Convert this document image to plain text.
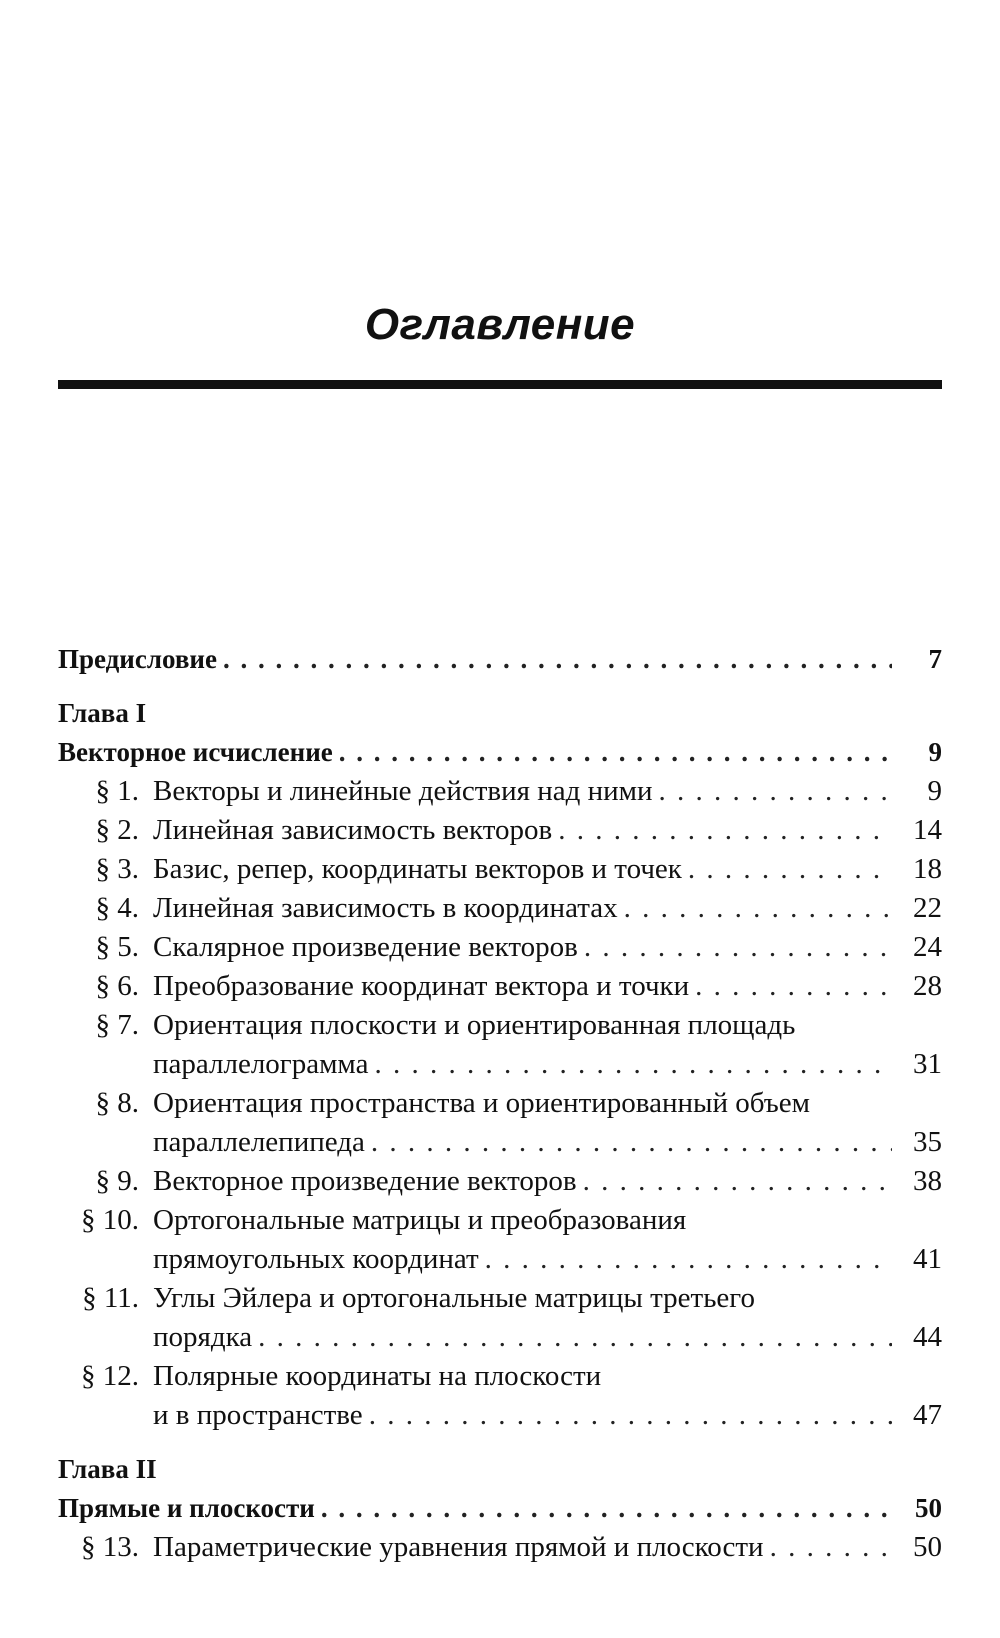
Оглавление
Предисловие . . .	7
Глава I
Векторное исчисление . . .	9
§ 1. Векторы и линейные действия над ними . . .	9
§ 2. Линейная зависимость векторов . . .	14
§ 3. Базис, репер, координаты векторов и точек . . .	18
§ 4. Линейная зависимость в координатах . . .	22
§ 5. Скалярное произведение векторов . . .	24
§ 6. Преобразование координат вектора и точки . . .	28
§ 7. Ориентация плоскости и ориентированная площадь
параллелограмма . . .	31
§ 8. Ориентация пространства и ориентированный объем
параллелепипеда . . .	35
§ 9. Векторное произведение векторов . . .	38
§ 10. Ортогональные матрицы и преобразования
прямоугольных координат . . .	41
§ 11. Углы Эйлера и ортогональные матрицы третьего
порядка . . .	44
§ 12. Полярные координаты на плоскости
и в пространстве . . .	47
Глава II
Прямые и плоскости . . .	50
§ 13. Параметрические уравнения прямой и плоскости . . .	50
